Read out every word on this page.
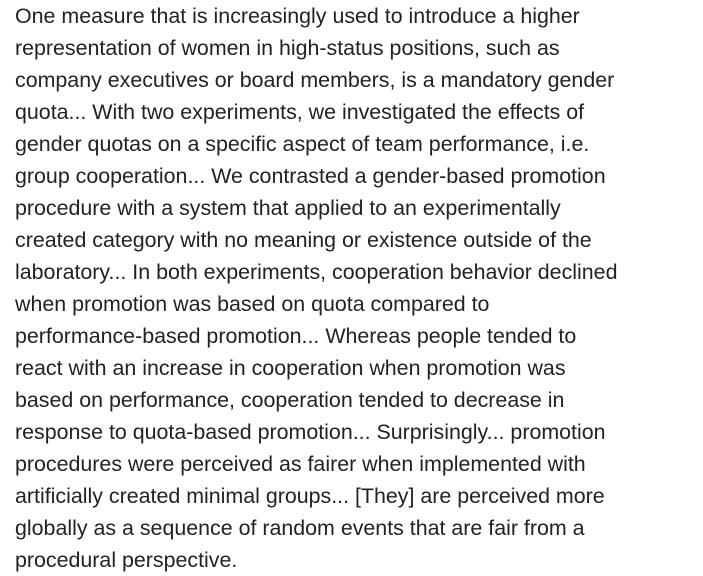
One measure that is increasingly used to introduce a higher
representation of women in high-status positions, such as
company executives or board members, is a mandatory gender
quota... With two experiments, we investigated the effects of
gender quotas on a specific aspect of team performance, i.e.
group cooperation... We contrasted a gender-based promotion
procedure with a system that applied to an experimentally
created category with no meaning or existence outside of the
laboratory... In both experiments, cooperation behavior declined
when promotion was based on quota compared to
performance-based promotion... Whereas people tended to
react with an increase in cooperation when promotion was
based on performance, cooperation tended to decrease in
response to quota-based promotion... Surprisingly... promotion
procedures were perceived as fairer when implemented with
artificially created minimal groups... [They] are perceived more
globally as a sequence of random events that are fair from a
procedural perspective.
